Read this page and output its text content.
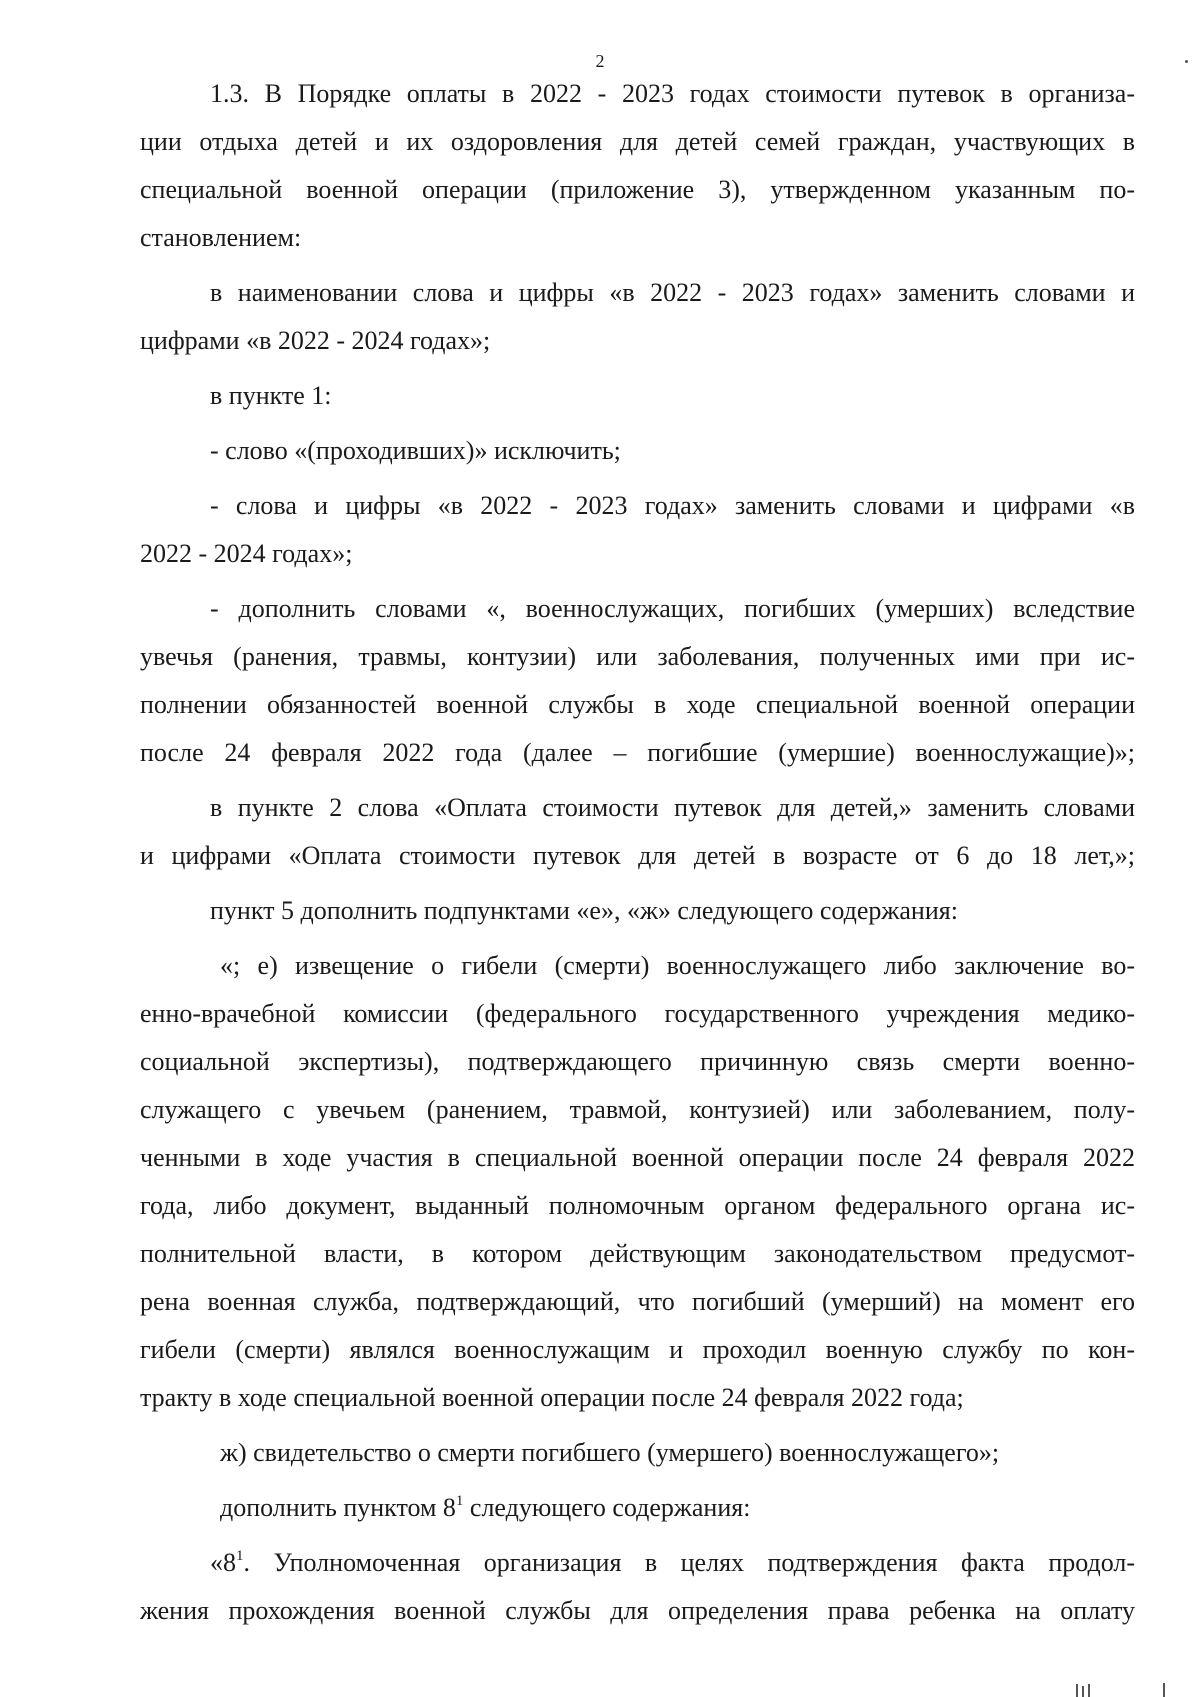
2
1.3. В Порядке оплаты в 2022 - 2023 годах стоимости путевок в организа-
ции отдыха детей и их оздоровления для детей семей граждан, участвующих в
специальной военной операции (приложение 3), утвержденном указанным по-
становлением:
в наименовании слова и цифры «в 2022 - 2023 годах» заменить словами и
цифрами «в 2022 - 2024 годах»;
в пункте 1:
- слово «(проходивших)» исключить;
- слова и цифры «в 2022 - 2023 годах» заменить словами и цифрами «в
2022 - 2024 годах»;
- дополнить словами «, военнослужащих, погибших (умерших) вследствие
увечья (ранения, травмы, контузии) или заболевания, полученных ими при ис-
полнении обязанностей военной службы в ходе специальной военной операции
после 24 февраля 2022 года (далее – погибшие (умершие) военнослужащие)»;
в пункте 2 слова «Оплата стоимости путевок для детей,» заменить словами
и цифрами «Оплата стоимости путевок для детей в возрасте от 6 до 18 лет,»;
пункт 5 дополнить подпунктами «е», «ж» следующего содержания:
«; е) извещение о гибели (смерти) военнослужащего либо заключение во-
енно-врачебной комиссии (федерального государственного учреждения медико-
социальной экспертизы), подтверждающего причинную связь смерти военно-
служащего с увечьем (ранением, травмой, контузией) или заболеванием, полу-
ченными в ходе участия в специальной военной операции после 24 февраля 2022
года, либо документ, выданный полномочным органом федерального органа ис-
полнительной власти, в котором действующим законодательством предусмот-
рена военная служба, подтверждающий, что погибший (умерший) на момент его
гибели (смерти) являлся военнослужащим и проходил военную службу по кон-
тракту в ходе специальной военной операции после 24 февраля 2022 года;
ж) свидетельство о смерти погибшего (умершего) военнослужащего»;
дополнить пунктом 8$^1$ следующего содержания:
«8$^1$. Уполномоченная организация в целях подтверждения факта продол-
жения прохождения военной службы для определения права ребенка на оплату
